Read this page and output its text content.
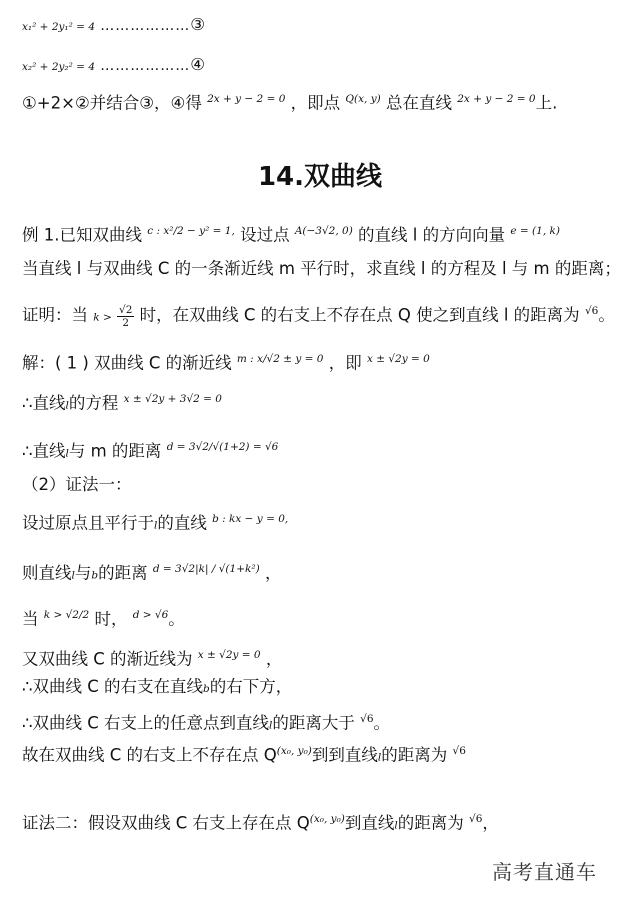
x₁² + 2y₁² = 4 ………………③
x₂² + 2y₂² = 4 ………………④
①+2×②并结合③，④得 $^{2x + y - 2 = 0}$ ，即点 $^{Q(x, y)}$ 总在直线 $^{2x + y - 2 = 0}$上.
14.双曲线
例 1.已知双曲线 $^{c : x^2/2 - y^2 = 1,}$ 设过点 $^{A(-3√2, 0)}$ 的直线 l 的方向向量 $^{e = (1, k)}$
当直线 l 与双曲线 C 的一条渐近线 m 平行时，求直线 l 的方程及 l 与 m 的距离；
证明：当 $k > \frac{√2}{2}$ 时，在双曲线 C 的右支上不存在点 Q 使之到直线 l 的距离为 $^{√6}$。
解：( 1 ) 双曲线 C 的渐近线 $^{m : x/√2 \pm y = 0}$ ，即 $^{x \pm √2y = 0}$
∴直线l的方程 $^{x \pm √2y + 3√2 = 0}$
∴直线l与 m 的距离 $^{d = 3√2/√(1+2) = √6}$
（2）证法一：
设过原点且平行于l的直线 $^{b : kx - y = 0,}$
则直线l与b的距离 $^{d = 3√2|k| / √(1+k^2)}$ ，
当 $^{k > √2/2}$ 时， $^{d > √6}$。
又双曲线 C 的渐近线为 $^{x \pm √2y = 0}$ ，
∴双曲线 C 的右支在直线b的右下方，
∴双曲线 C 右支上的任意点到直线l的距离大于 $^{√6}$。
故在双曲线 C 的右支上不存在点 $Q^{(x_0, y_0)}$到到直线l的距离为 $^{√6}$
证法二：假设双曲线 C 右支上存在点 $Q^{(x_0, y_0)}$到直线l的距离为 $^{√6}$，
高考直通车
